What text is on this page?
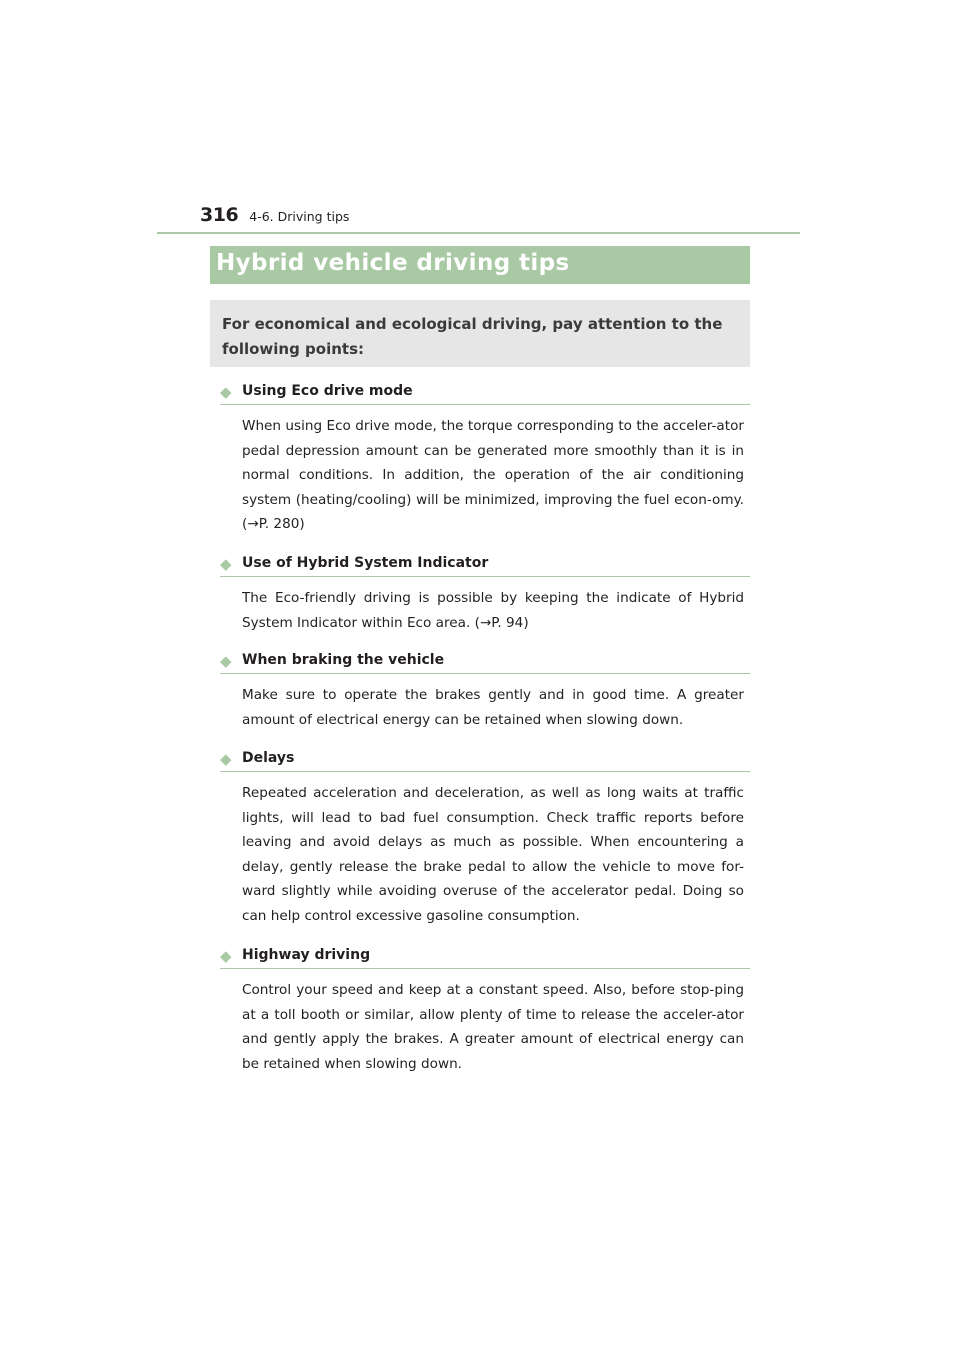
316 4-6. Driving tips
Hybrid vehicle driving tips
For economical and ecological driving, pay attention to the following points:
◆ Using Eco drive mode
When using Eco drive mode, the torque corresponding to the acceler-ator pedal depression amount can be generated more smoothly than it is in normal conditions. In addition, the operation of the air conditioning system (heating/cooling) will be minimized, improving the fuel econ-omy. (→P. 280)
◆ Use of Hybrid System Indicator
The Eco-friendly driving is possible by keeping the indicate of Hybrid System Indicator within Eco area. (→P. 94)
◆ When braking the vehicle
Make sure to operate the brakes gently and in good time. A greater amount of electrical energy can be retained when slowing down.
◆ Delays
Repeated acceleration and deceleration, as well as long waits at traffic lights, will lead to bad fuel consumption. Check traffic reports before leaving and avoid delays as much as possible. When encountering a delay, gently release the brake pedal to allow the vehicle to move for-ward slightly while avoiding overuse of the accelerator pedal. Doing so can help control excessive gasoline consumption.
◆ Highway driving
Control your speed and keep at a constant speed. Also, before stop-ping at a toll booth or similar, allow plenty of time to release the acceler-ator and gently apply the brakes. A greater amount of electrical energy can be retained when slowing down.
